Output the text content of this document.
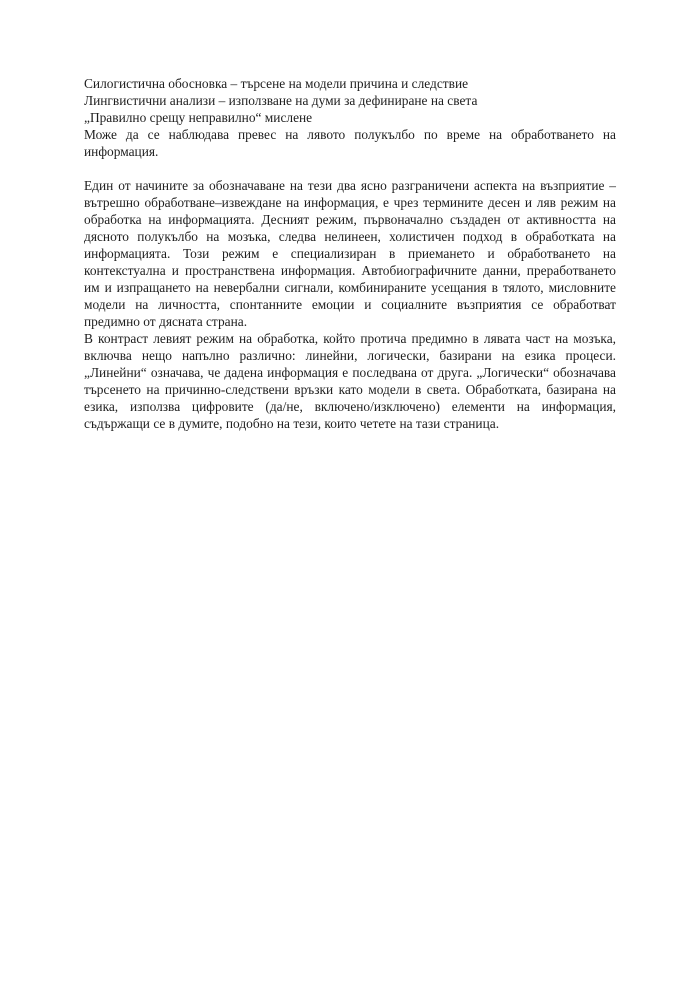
Силогистична обосновка – търсене на модели причина и следствие

Лингвистични анализи – използване на думи за дефиниране на света

„Правилно срещу неправилно“ мислене

Може да се наблюдава превес на лявото полукълбо по време на обработването на информация.

Един от начините за обозначаване на тези два ясно разграничени аспекта на възприятие – вътрешно обработване–извеждане на информация, е чрез термините десен и ляв режим на обработка на информацията. Десният режим, първоначално създаден от активността на дясното полукълбо на мозъка, следва нелинеен, холистичен подход в обработката на информацията. Този режим е специализиран в приемането и обработването на контекстуална и пространствена информация. Автобиографичните данни, преработването им и изпращането на невербални сигнали, комбинираните усещания в тялото, мисловните модели на личността, спонтанните емоции и социалните възприятия се обработват предимно от дясната страна.

В контраст левият режим на обработка, който протича предимно в лявата част на мозъка, включва нещо напълно различно: линейни, логически, базирани на езика процеси. „Линейни“ означава, че дадена информация е последвана от друга. „Логически“ обозначава търсенето на причинно-следствени връзки като модели в света. Обработката, базирана на езика, използва цифровите (да/не, включено/изключено) елементи на информация, съдържащи се в думите, подобно на тези, които четете на тази страница.
